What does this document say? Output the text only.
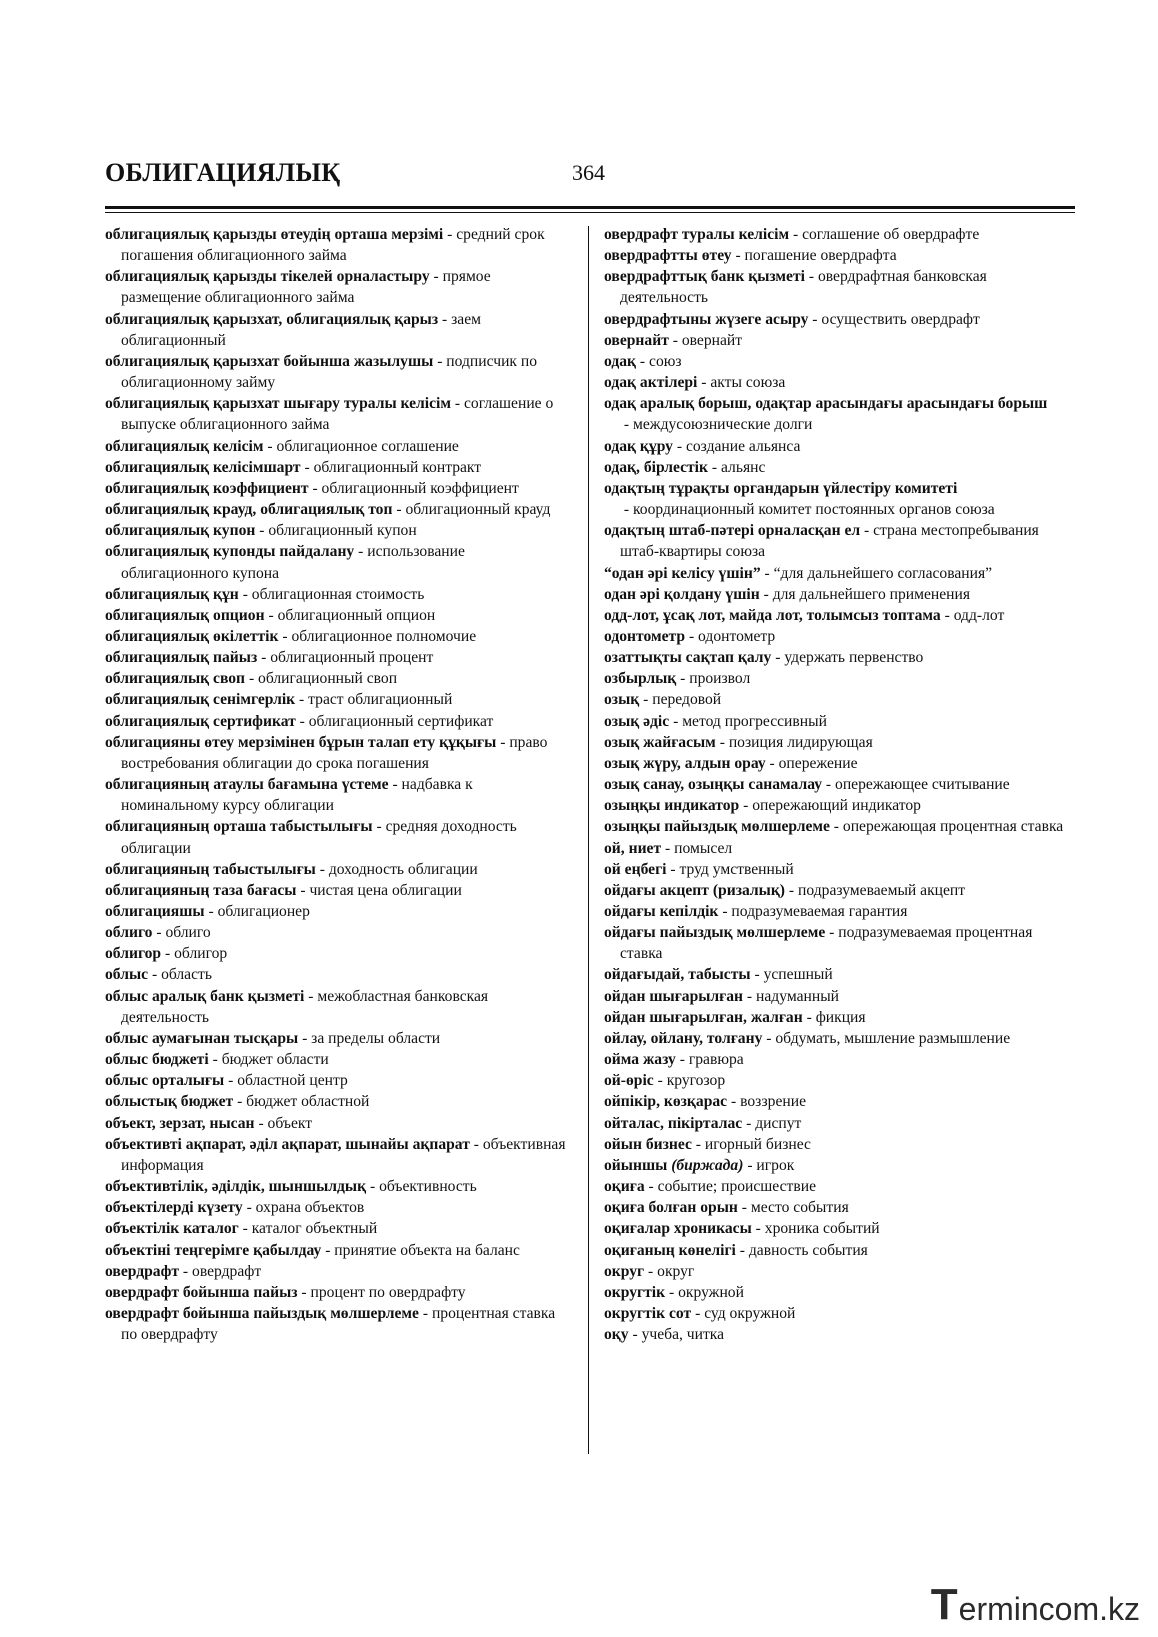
ОБЛИГАЦИЯЛЫҚ	364

облигациялық қарызды өтеудің орташа мерзімі - средний срок погашения облигационного займа

облигациялық қарызды тікелей орналастыру - прямое размещение облигационного займа

облигациялық қарызхат, облигациялық қарыз - заем облигационный

облигациялық қарызхат бойынша жазылушы - подписчик по облигационному займу

облигациялық қарызхат шығару туралы келісім - соглашение о выпуске облигационного займа

облигациялық келісім - облигационное соглашение

облигациялық келісімшарт - облигационный контракт

облигациялық коэффициент - облигационный коэффициент

облигациялық крауд, облигациялық топ - облигационный крауд

облигациялық купон - облигационный купон

облигациялық купонды пайдалану - использование облигационного купона

облигациялық құн - облигационная стоимость

облигациялық опцион - облигационный опцион

облигациялық өкілеттік - облигационное полномочие

облигациялық пайыз - облигационный процент

облигациялық своп - облигационный своп

облигациялық сенімгерлік - траст облигационный

облигациялық сертификат - облигационный сертификат

облигацияны өтеу мерзімінен бұрын талап ету құқығы - право востребования облигации до срока погашения

облигацияның атаулы бағамына үстеме - надбавка к номинальному курсу облигации

облигацияның орташа табыстылығы - средняя доходность облигации

облигацияның табыстылығы - доходность облигации

облигацияның таза бағасы - чистая цена облигации

облигацияшы - облигационер

облиго - облиго

облигор - облигор

облыс - область

облыс аралық банк қызметі - межобластная банковская деятельность

облыс аумағынан тысқары - за пределы области

облыс бюджеті - бюджет области

облыс орталығы - областной центр

облыстық бюджет - бюджет областной

объект, зерзат, нысан - объект

объективті ақпарат, әділ ақпарат, шынайы ақпарат - объективная информация

объективтілік, әділдік, шыншылдық - объективность

объектілерді күзету - охрана объектов

объектілік каталог - каталог объектный

объектіні теңгерімге қабылдау - принятие объекта на баланс

овердрафт - овердрафт

овердрафт бойынша пайыз - процент по овердрафту

овердрафт бойынша пайыздық мөлшерлеме - процентная ставка по овердрафту

овердрафт туралы келісім - соглашение об овердрафте

овердрафтты өтеу - погашение овердрафта

овердрафттық банк қызметі - овердрафтная банковская деятельность

овердрафтыны жүзеге асыру - осуществить овердрафт

овернайт - овернайт

одақ - союз

одақ актілері - акты союза

одақ аралық борыш, одақтар арасындағы арасындағы борыш - междусоюзнические долги

одақ құру - создание альянса

одақ, бірлестік - альянс

одақтың тұрақты органдарын үйлестіру комитеті - координационный комитет постоянных органов союза

одақтың штаб-пәтері орналасқан ел - страна местопребывания штаб-квартиры союза

“одан әрі келісу үшін” - “для дальнейшего согласования”

одан әрі қолдану үшін - для дальнейшего применения

одд-лот, ұсақ лот, майда лот, толымсыз топтама - одд-лот

одонтометр - одонтометр

озаттықты сақтап қалу - удержать первенство

озбырлық - произвол

озық - передовой

озық әдіс - метод прогрессивный

озық жайғасым - позиция лидирующая

озық жүру, алдын орау - опережение

озық санау, озыңқы санамалау - опережающее считывание

озыңқы индикатор - опережающий индикатор

озыңқы пайыздық мөлшерлеме - опережающая процентная ставка

ой, ниет - помысел

ой еңбегі - труд умственный

ойдағы акцепт (ризалық) - подразумеваемый акцепт

ойдағы кепілдік - подразумеваемая гарантия

ойдағы пайыздық мөлшерлеме - подразумеваемая процентная ставка

ойдағыдай, табысты - успешный

ойдан шығарылған - надуманный

ойдан шығарылған, жалған - фикция

ойлау, ойлану, толғану - обдумать, мышление размышление

ойма жазу - гравюра

ой-өріс - кругозор

ойпікір, көзқарас - воззрение

ойталас, пікірталас - диспут

ойын бизнес - игорный бизнес

ойыншы (биржада) - игрок

оқиға - событие; происшествие

оқиға болған орын - место события

оқиғалар хроникасы - хроника событий

оқиғаның көнелігі - давность события

округ - округ

округтік - окружной

округтік сот - суд окружной

оқу - учеба, читка

T ermincom.kz
